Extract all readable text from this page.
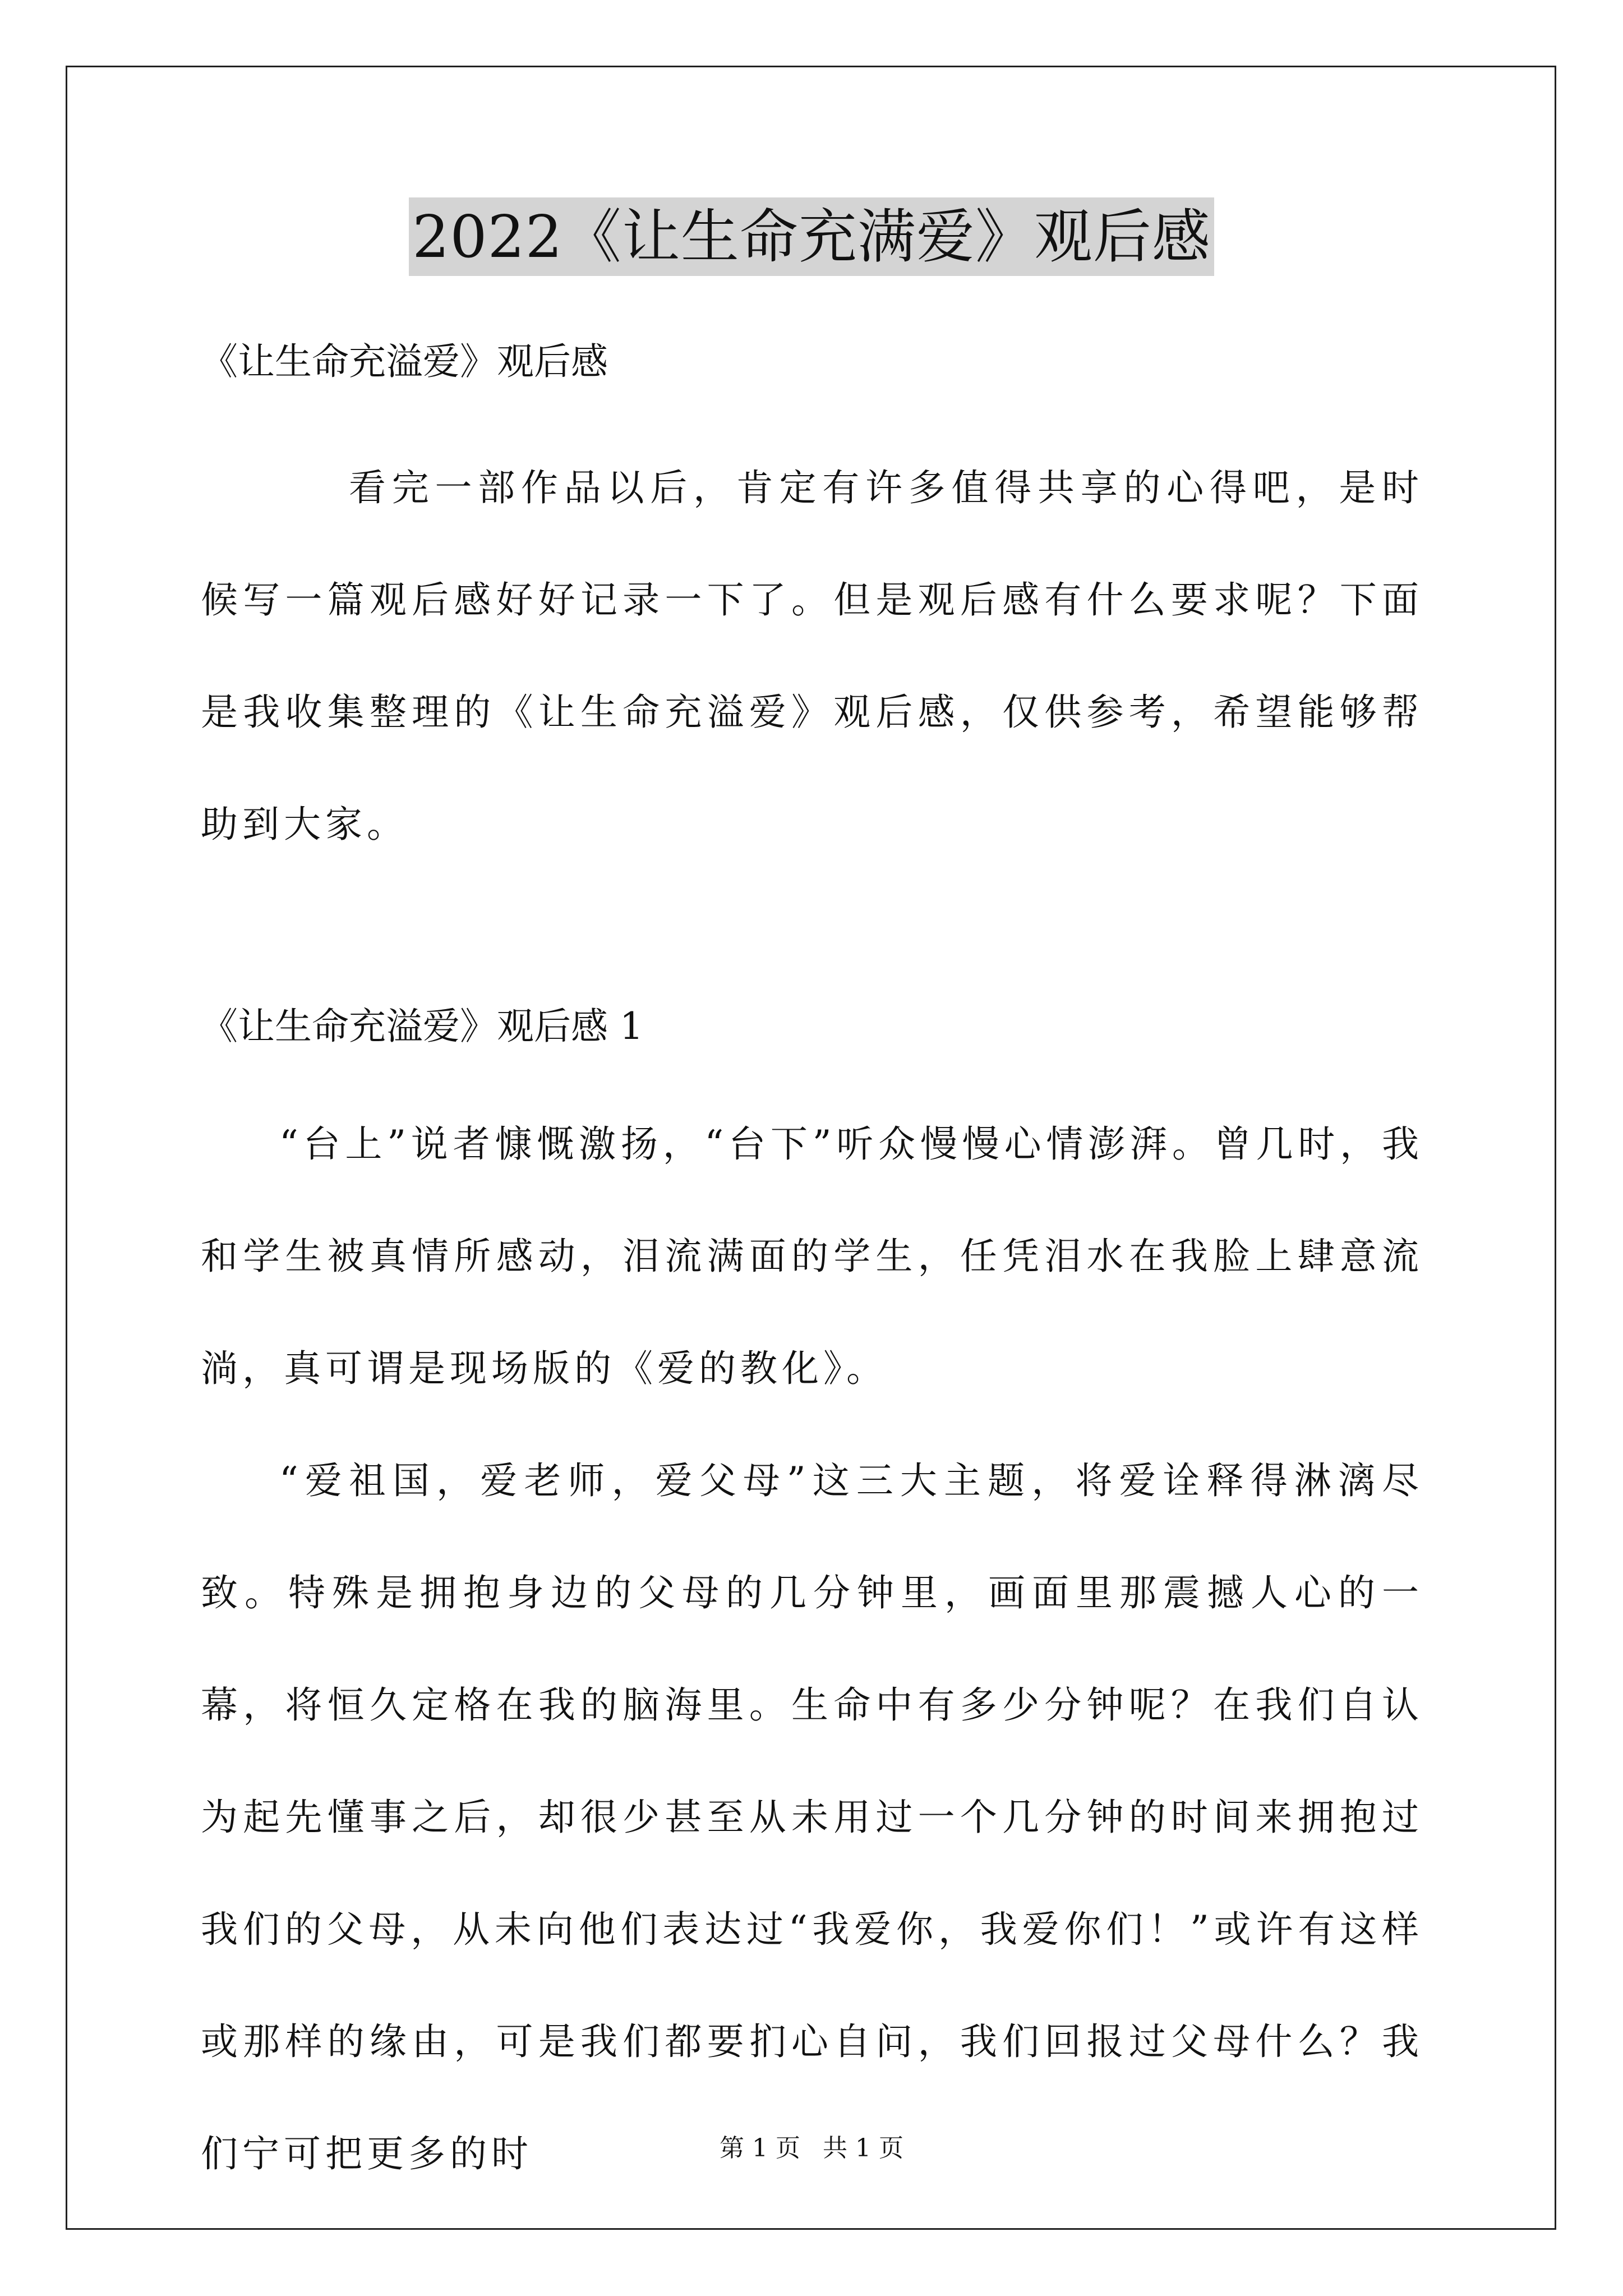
2022《让生命充满爱》观后感
《让生命充溢爱》观后感

看完一部作品以后，肯定有许多值得共享的心得吧，是时候写一篇观后感好好记录一下了。但是观后感有什么要求呢？下面是我收集整理的《让生命充溢爱》观后感，仅供参考，希望能够帮助到大家。

《让生命充溢爱》观后感 1

“台上”说者慷慨激扬，“台下”听众慢慢心情澎湃。曾几时，我和学生被真情所感动，泪流满面的学生，任凭泪水在我脸上肆意流淌，真可谓是现场版的《爱的教化》。

“爱祖国，爱老师，爱父母”这三大主题，将爱诠释得淋漓尽致。特殊是拥抱身边的父母的几分钟里，画面里那震撼人心的一幕，将恒久定格在我的脑海里。生命中有多少分钟呢？在我们自认为起先懂事之后，却很少甚至从未用过一个几分钟的时间来拥抱过我们的父母，从未向他们表达过“我爱你，我爱你们！”或许有这样或那样的缘由，可是我们都要扪心自问，我们回报过父母什么？我们宁可把更多的时	第 1 页 共 1 页
